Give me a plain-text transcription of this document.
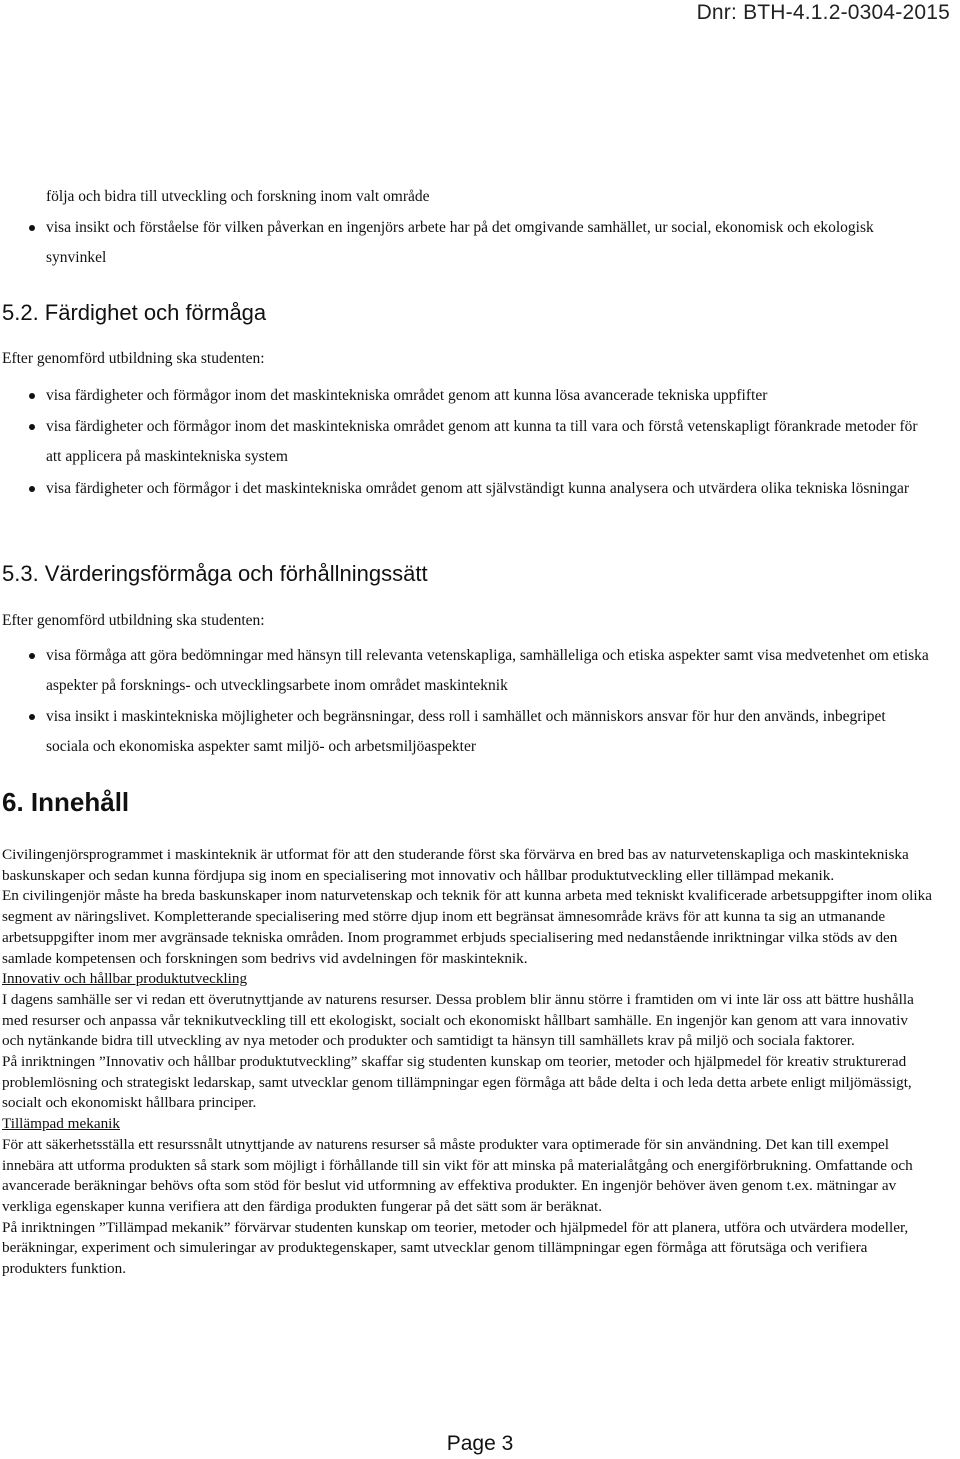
Dnr: BTH-4.1.2-0304-2015
följa och bidra till utveckling och forskning inom valt område
visa insikt och förståelse för vilken påverkan en ingenjörs arbete har på det omgivande samhället, ur social, ekonomisk och ekologisk synvinkel
5.2. Färdighet och förmåga
Efter genomförd utbildning ska studenten:
visa färdigheter och förmågor inom det maskintekniska området genom att kunna lösa avancerade tekniska uppfifter
visa färdigheter och förmågor inom det maskintekniska området genom att kunna ta till vara och förstå vetenskapligt förankrade metoder för att applicera på maskintekniska system
visa färdigheter och förmågor i det maskintekniska området genom att självständigt kunna analysera och utvärdera olika tekniska lösningar
5.3. Värderingsförmåga och förhållningssätt
Efter genomförd utbildning ska studenten:
visa förmåga att göra bedömningar med hänsyn till relevanta vetenskapliga, samhälleliga och etiska aspekter samt visa medvetenhet om etiska aspekter på forsknings- och utvecklingsarbete inom området maskinteknik
visa insikt i maskintekniska möjligheter och begränsningar, dess roll i samhället och människors ansvar för hur den används, inbegripet sociala och ekonomiska aspekter samt miljö- och arbetsmiljöaspekter
6. Innehåll

Civilingenjörsprogrammet i maskinteknik är utformat för att den studerande först ska förvärva en bred bas av naturvetenskapliga och maskintekniska baskunskaper och sedan kunna fördjupa sig inom en specialisering mot innovativ och hållbar produktutveckling eller tillämpad mekanik.

En civilingenjör måste ha breda baskunskaper inom naturvetenskap och teknik för att kunna arbeta med tekniskt kvalificerade arbetsuppgifter inom olika segment av näringslivet. Kompletterande specialisering med större djup inom ett begränsat ämnesområde krävs för att kunna ta sig an utmanande arbetsuppgifter inom mer avgränsade tekniska områden. Inom programmet erbjuds specialisering med nedanstående inriktningar vilka stöds av den samlade kompetensen och forskningen som bedrivs vid avdelningen för maskinteknik.

Innovativ och hållbar produktutveckling

I dagens samhälle ser vi redan ett överutnyttjande av naturens resurser. Dessa problem blir ännu större i framtiden om vi inte lär oss att bättre hushålla med resurser och anpassa vår teknikutveckling till ett ekologiskt, socialt och ekonomiskt hållbart samhälle. En ingenjör kan genom att vara innovativ och nytänkande bidra till utveckling av nya metoder och produkter och samtidigt ta hänsyn till samhällets krav på miljö och sociala faktorer.

På inriktningen ”Innovativ och hållbar produktutveckling” skaffar sig studenten kunskap om teorier, metoder och hjälpmedel för kreativ strukturerad problemlösning och strategiskt ledarskap, samt utvecklar genom tillämpningar egen förmåga att både delta i och leda detta arbete enligt miljömässigt, socialt och ekonomiskt hållbara principer.

Tillämpad mekanik

För att säkerhetsställa ett resurssnålt utnyttjande av naturens resurser så måste produkter vara optimerade för sin användning. Det kan till exempel innebära att utforma produkten så stark som möjligt i förhållande till sin vikt för att minska på materialåtgång och energiförbrukning. Omfattande och avancerade beräkningar behövs ofta som stöd för beslut vid utformning av effektiva produkter. En ingenjör behöver även genom t.ex. mätningar av verkliga egenskaper kunna verifiera att den färdiga produkten fungerar på det sätt som är beräknat.

På inriktningen ”Tillämpad mekanik” förvärvar studenten kunskap om teorier, metoder och hjälpmedel för att planera, utföra och utvärdera modeller, beräkningar, experiment och simuleringar av produktegenskaper, samt utvecklar genom tillämpningar egen förmåga att förutsäga och verifiera produkters funktion.

Page 3
